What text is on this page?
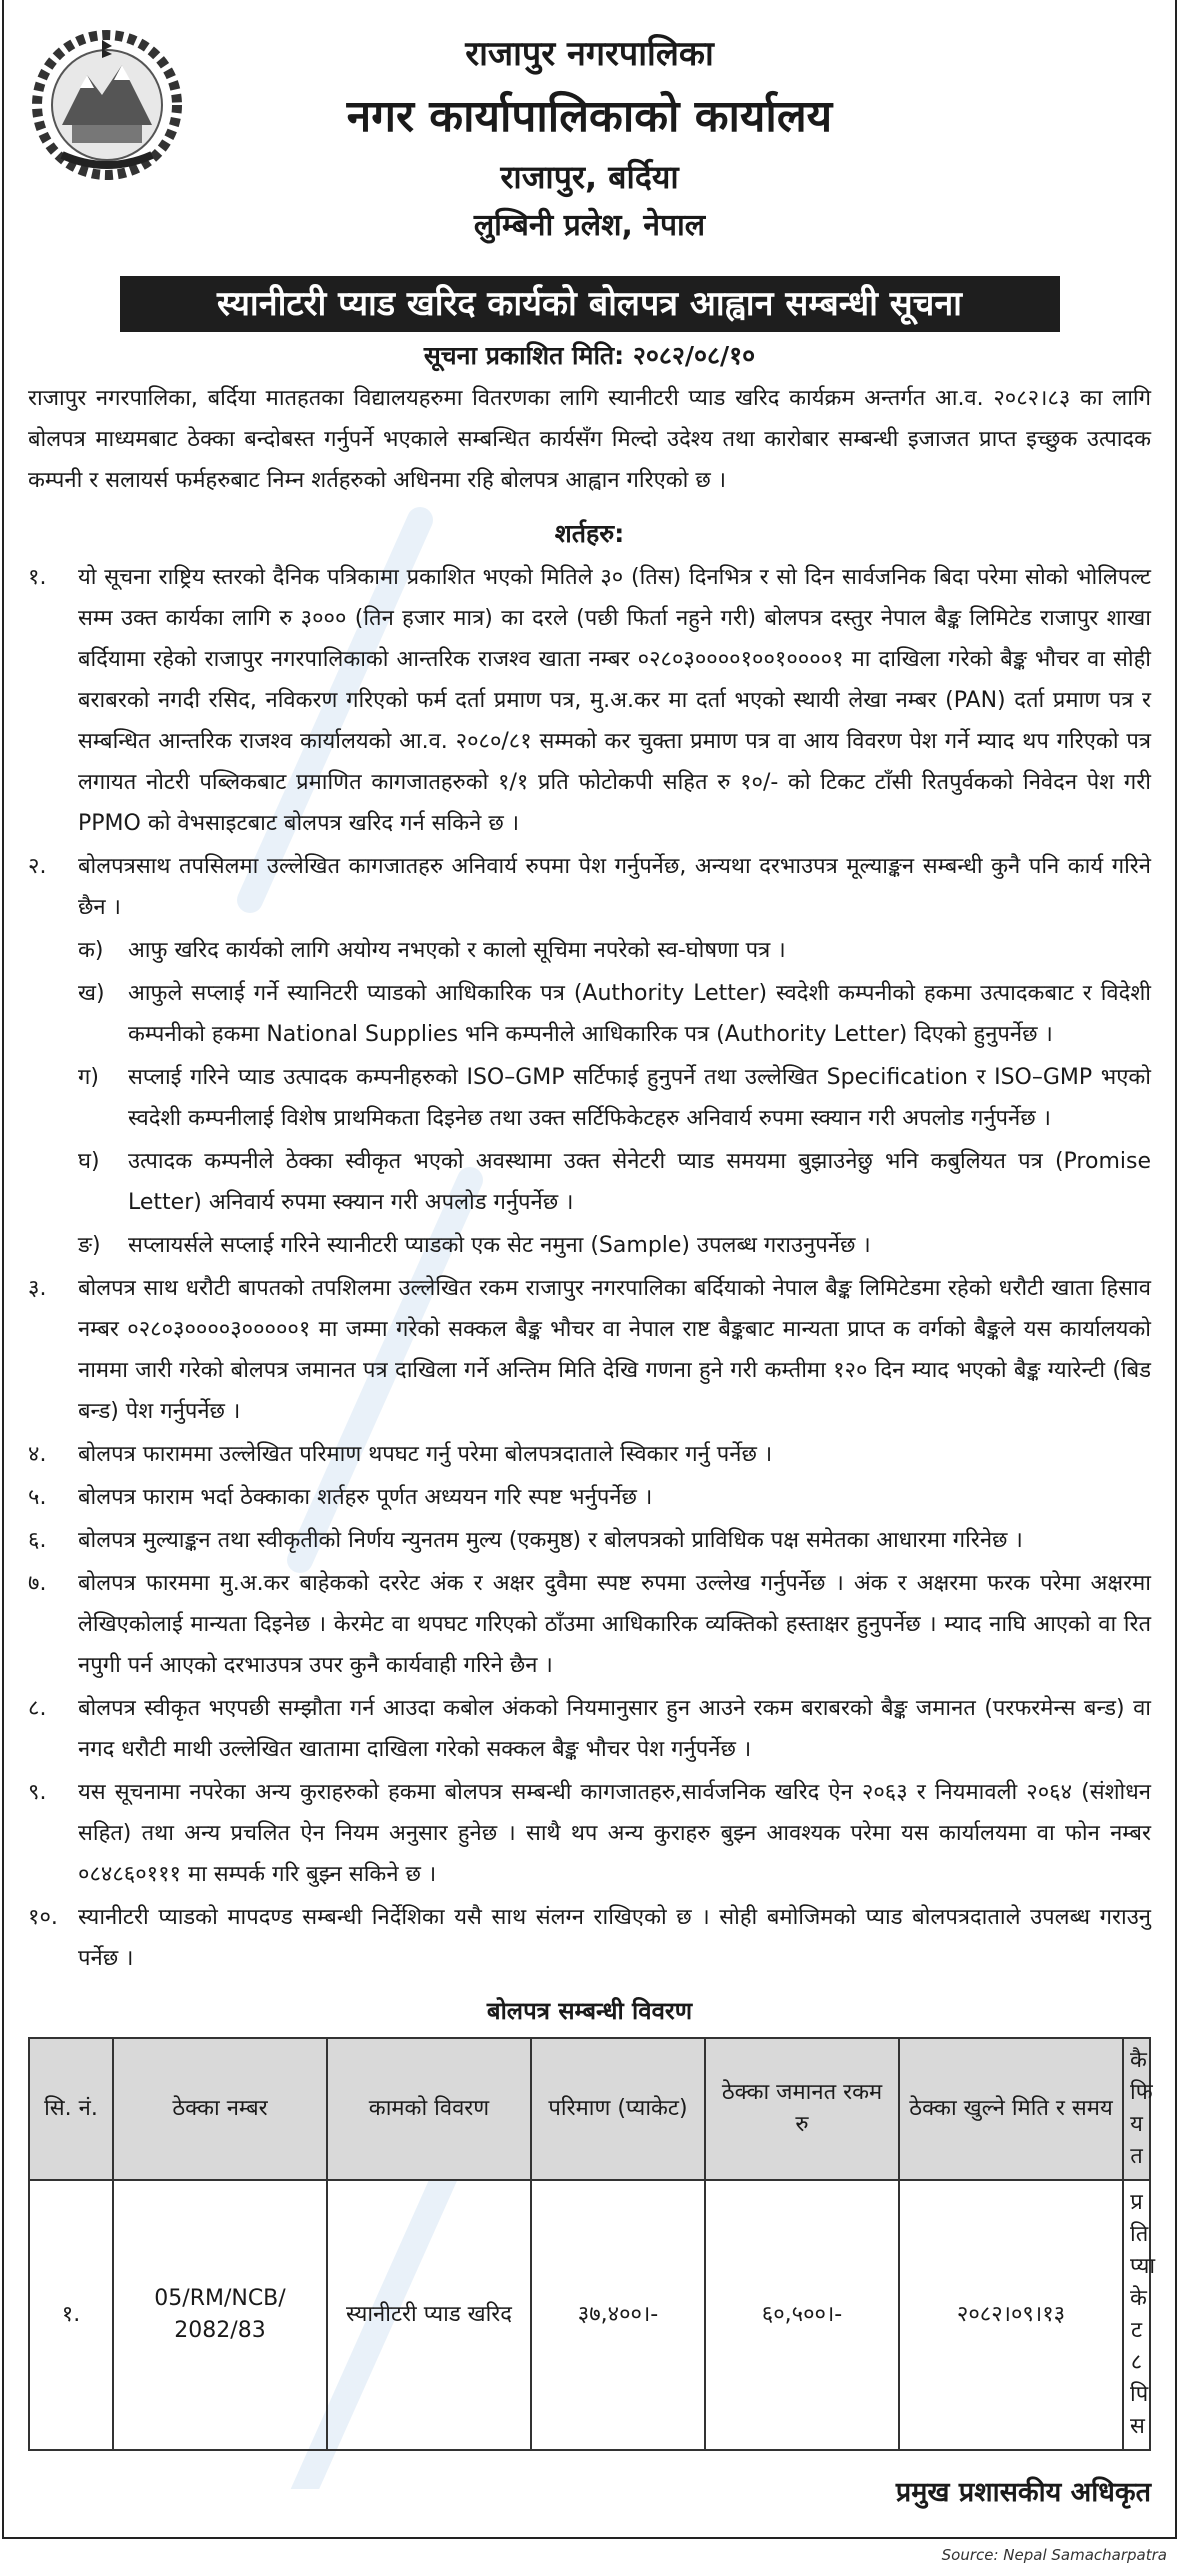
राजापुर नगरपालिका
नगर कार्यापालिकाको कार्यालय
राजापुर, बर्दिया
लुम्बिनी प्रलेश, नेपाल
स्यानीटरी प्याड खरिद कार्यको बोलपत्र आह्वान सम्बन्धी सूचना
सूचना प्रकाशित मिति: २०८२/०८/१०
राजापुर नगरपालिका, बर्दिया मातहतका विद्यालयहरुमा वितरणका लागि स्यानीटरी प्याड खरिद कार्यक्रम अन्तर्गत आ.व. २०८२।८३ का लागि बोलपत्र माध्यमबाट ठेक्का बन्दोबस्त गर्नुपर्ने भएकाले सम्बन्धित कार्यसँग मिल्दो उदेश्य तथा कारोबार सम्बन्धी इजाजत प्राप्त इच्छुक उत्पादक कम्पनी र सलायर्स फर्महरुबाट निम्न शर्तहरुको अधिनमा रहि बोलपत्र आह्वान गरिएको छ ।
शर्तहरु:
१.	यो सूचना राष्ट्रिय स्तरको दैनिक पत्रिकामा प्रकाशित भएको मितिले ३० (तिस) दिनभित्र र सो दिन सार्वजनिक बिदा परेमा सोको भोलिपल्ट सम्म उक्त कार्यका लागि रु ३००० (तिन हजार मात्र) का दरले (पछी फिर्ता नहुने गरी) बोलपत्र दस्तुर नेपाल बैङ्क लिमिटेड राजापुर शाखा बर्दियामा रहेको राजापुर नगरपालिकाको आन्तरिक राजश्व खाता नम्बर ०२८०३००००१००१००००१ मा दाखिला गरेको बैङ्क भौचर वा सोही बराबरको नगदी रसिद, नविकरण गरिएको फर्म दर्ता प्रमाण पत्र, मु.अ.कर मा दर्ता भएको स्थायी लेखा नम्बर (PAN) दर्ता प्रमाण पत्र र सम्बन्धित आन्तरिक राजश्व कार्यालयको आ.व. २०८०/८१ सम्मको कर चुक्ता प्रमाण पत्र वा आय विवरण पेश गर्ने म्याद थप गरिएको पत्र लगायत नोटरी पब्लिकबाट प्रमाणित कागजातहरुको १/१ प्रति फोटोकपी सहित रु १०/- को टिकट टाँसी रितपुर्वकको निवेदन पेश गरी PPMO को वेभसाइटबाट बोलपत्र खरिद गर्न सकिने छ ।
२.	बोलपत्रसाथ तपसिलमा उल्लेखित कागजातहरु अनिवार्य रुपमा पेश गर्नुपर्नेछ, अन्यथा दरभाउपत्र मूल्याङ्कन सम्बन्धी कुनै पनि कार्य गरिने छैन ।
क)	आफु खरिद कार्यको लागि अयोग्य नभएको र कालो सूचिमा नपरेको स्व-घोषणा पत्र ।
ख)	आफुले सप्लाई गर्ने स्यानिटरी प्याडको आधिकारिक पत्र (Authority Letter) स्वदेशी कम्पनीको हकमा उत्पादकबाट र विदेशी कम्पनीको हकमा National Supplies भनि कम्पनीले आधिकारिक पत्र (Authority Letter) दिएको हुनुपर्नेछ ।
ग)	सप्लाई गरिने प्याड उत्पादक कम्पनीहरुको ISO–GMP सर्टिफाई हुनुपर्ने तथा उल्लेखित Specification र ISO–GMP भएको स्वदेशी कम्पनीलाई विशेष प्राथमिकता दिइनेछ तथा उक्त सर्टिफिकेटहरु अनिवार्य रुपमा स्क्यान गरी अपलोड गर्नुपर्नेछ ।
घ)	उत्पादक कम्पनीले ठेक्का स्वीकृत भएको अवस्थामा उक्त सेनेटरी प्याड समयमा बुझाउनेछु भनि कबुलियत पत्र (Promise Letter) अनिवार्य रुपमा स्क्यान गरी अपलोड गर्नुपर्नेछ ।
ङ)	सप्लायर्सले सप्लाई गरिने स्यानीटरी प्याडको एक सेट नमुना (Sample) उपलब्ध गराउनुपर्नेछ ।
३.	बोलपत्र साथ धरौटी बापतको तपशिलमा उल्लेखित रकम राजापुर नगरपालिका बर्दियाको नेपाल बैङ्क लिमिटेडमा रहेको धरौटी खाता हिसाव नम्बर ०२८०३००००३०००००१ मा जम्मा गरेको सक्कल बैङ्क भौचर वा नेपाल राष्ट बैङ्कबाट मान्यता प्राप्त क वर्गको बैङ्कले यस कार्यालयको नाममा जारी गरेको बोलपत्र जमानत पत्र दाखिला गर्ने अन्तिम मिति देखि गणना हुने गरी कम्तीमा १२० दिन म्याद भएको बैङ्क ग्यारेन्टी (बिड बन्ड) पेश गर्नुपर्नेछ ।
४.	बोलपत्र फाराममा उल्लेखित परिमाण थपघट गर्नु परेमा बोलपत्रदाताले स्विकार गर्नु पर्नेछ ।
५.	बोलपत्र फाराम भर्दा ठेक्काका शर्तहरु पूर्णत अध्ययन गरि स्पष्ट भर्नुपर्नेछ ।
६.	बोलपत्र मुल्याङ्कन तथा स्वीकृतीको निर्णय न्युनतम मुल्य (एकमुष्ठ) र बोलपत्रको प्राविधिक पक्ष समेतका आधारमा गरिनेछ ।
७.	बोलपत्र फारममा मु.अ.कर बाहेकको दररेट अंक र अक्षर दुवैमा स्पष्ट रुपमा उल्लेख गर्नुपर्नेछ । अंक र अक्षरमा फरक परेमा अक्षरमा लेखिएकोलाई मान्यता दिइनेछ । केरमेट वा थपघट गरिएको ठाँउमा आधिकारिक व्यक्तिको हस्ताक्षर हुनुपर्नेछ । म्याद नाघि आएको वा रित नपुगी पर्न आएको दरभाउपत्र उपर कुनै कार्यवाही गरिने छैन ।
८.	बोलपत्र स्वीकृत भएपछी सम्झौता गर्न आउदा कबोल अंकको नियमानुसार हुन आउने रकम बराबरको बैङ्क जमानत (परफरमेन्स बन्ड) वा नगद धरौटी माथी उल्लेखित खातामा दाखिला गरेको सक्कल बैङ्क भौचर पेश गर्नुपर्नेछ ।
९.	यस सूचनामा नपरेका अन्य कुराहरुको हकमा बोलपत्र सम्बन्धी कागजातहरु,सार्वजनिक खरिद ऐन २०६३ र नियमावली २०६४ (संशोधन सहित) तथा अन्य प्रचलित ऐन नियम अनुसार हुनेछ । साथै थप अन्य कुराहरु बुझ्न आवश्यक परेमा यस कार्यालयमा वा फोन नम्बर ०८४८६०१११ मा सम्पर्क गरि बुझ्न सकिने छ ।
१०. स्यानीटरी प्याडको मापदण्ड सम्बन्धी निर्देशिका यसै साथ संलग्न राखिएको छ । सोही बमोजिमको प्याड बोलपत्रदाताले उपलब्ध गराउनु पर्नेछ ।
बोलपत्र सम्बन्धी विवरण
सि. नं.	ठेक्का नम्बर	कामको विवरण	परिमाण (प्याकेट)	ठेक्का जमानत रकम रु	ठेक्का खुल्ने मिति र समय	कैफियत
१.	05/RM/NCB/ 2082/83	स्यानीटरी प्याड खरिद	३७,४००।-	६०,५००।-	२०८२।०९।१३	प्रति प्याकेट ८ पिस
प्रमुख प्रशासकीय अधिकृत
Source: Nepal Samacharpatra
